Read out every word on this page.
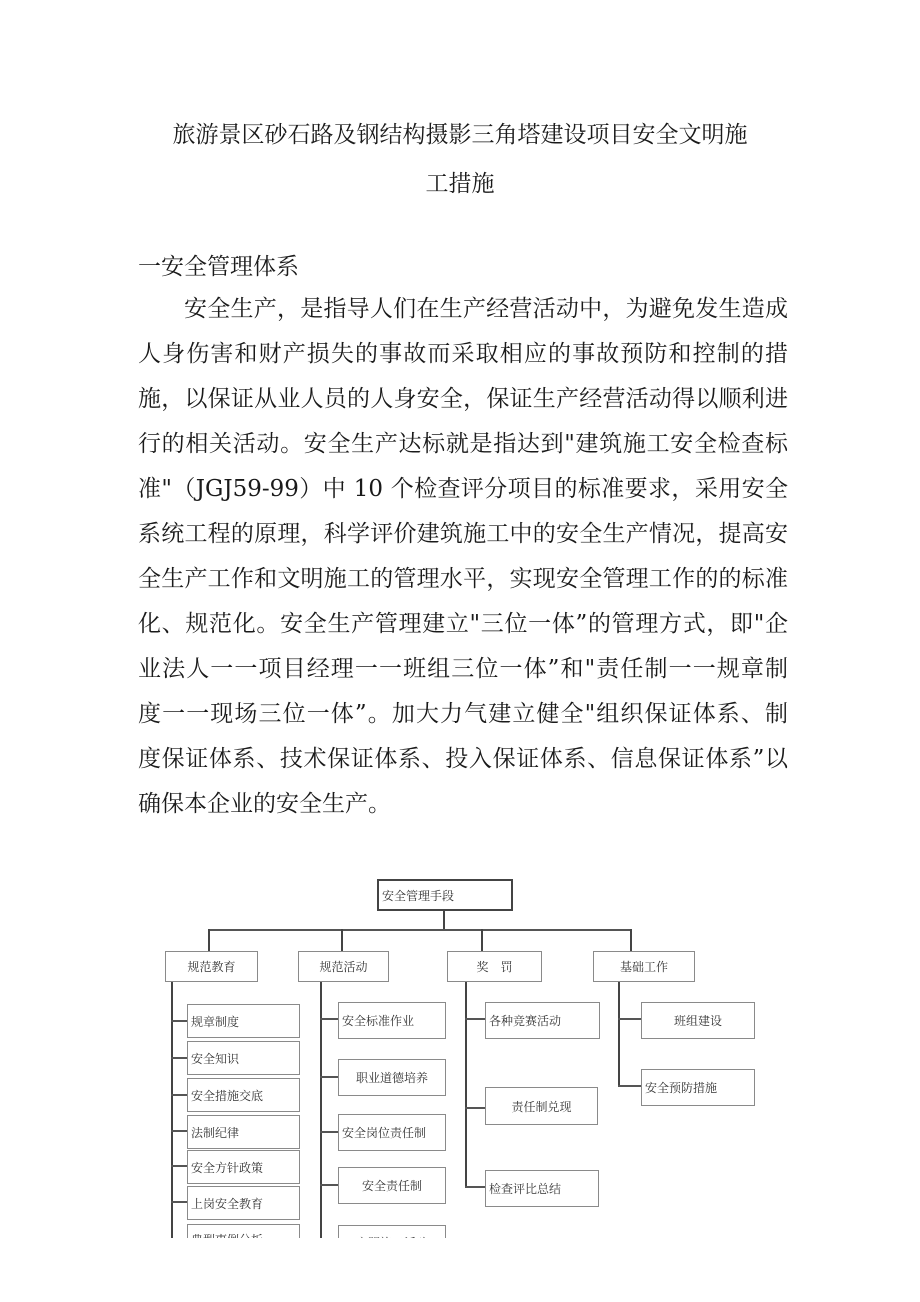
旅游景区砂石路及钢结构摄影三角塔建设项目安全文明施
工措施
一安全管理体系
安全生产，是指导人们在生产经营活动中，为避免发生造成
人身伤害和财产损失的事故而采取相应的事故预防和控制的措
施，以保证从业人员的人身安全，保证生产经营活动得以顺利进
行的相关活动。安全生产达标就是指达到"建筑施工安全检查标
准"（JGJ59-99）中 10 个检查评分项目的标准要求，采用安全
系统工程的原理，科学评价建筑施工中的安全生产情况，提高安
全生产工作和文明施工的管理水平，实现安全管理工作的的标准
化、规范化。安全生产管理建立"三位一体”的管理方式，即"企
业法人一一项目经理一一班组三位一体”和"责任制一一规章制
度一一现场三位一体”。加大力气建立健全"组织保证体系、制
度保证体系、技术保证体系、投入保证体系、信息保证体系”以
确保本企业的安全生产。
安全管理手段
规范教育	规范活动	奖　罚	基础工作
规章制度
安全知识
安全措施交底
法制纪律
安全方针政策
上岗安全教育
安全标准作业
职业道德培养
安全岗位责任制
安全责任制
各种竞赛活动
责任制兑现
检查评比总结
班组建设
安全预防措施
